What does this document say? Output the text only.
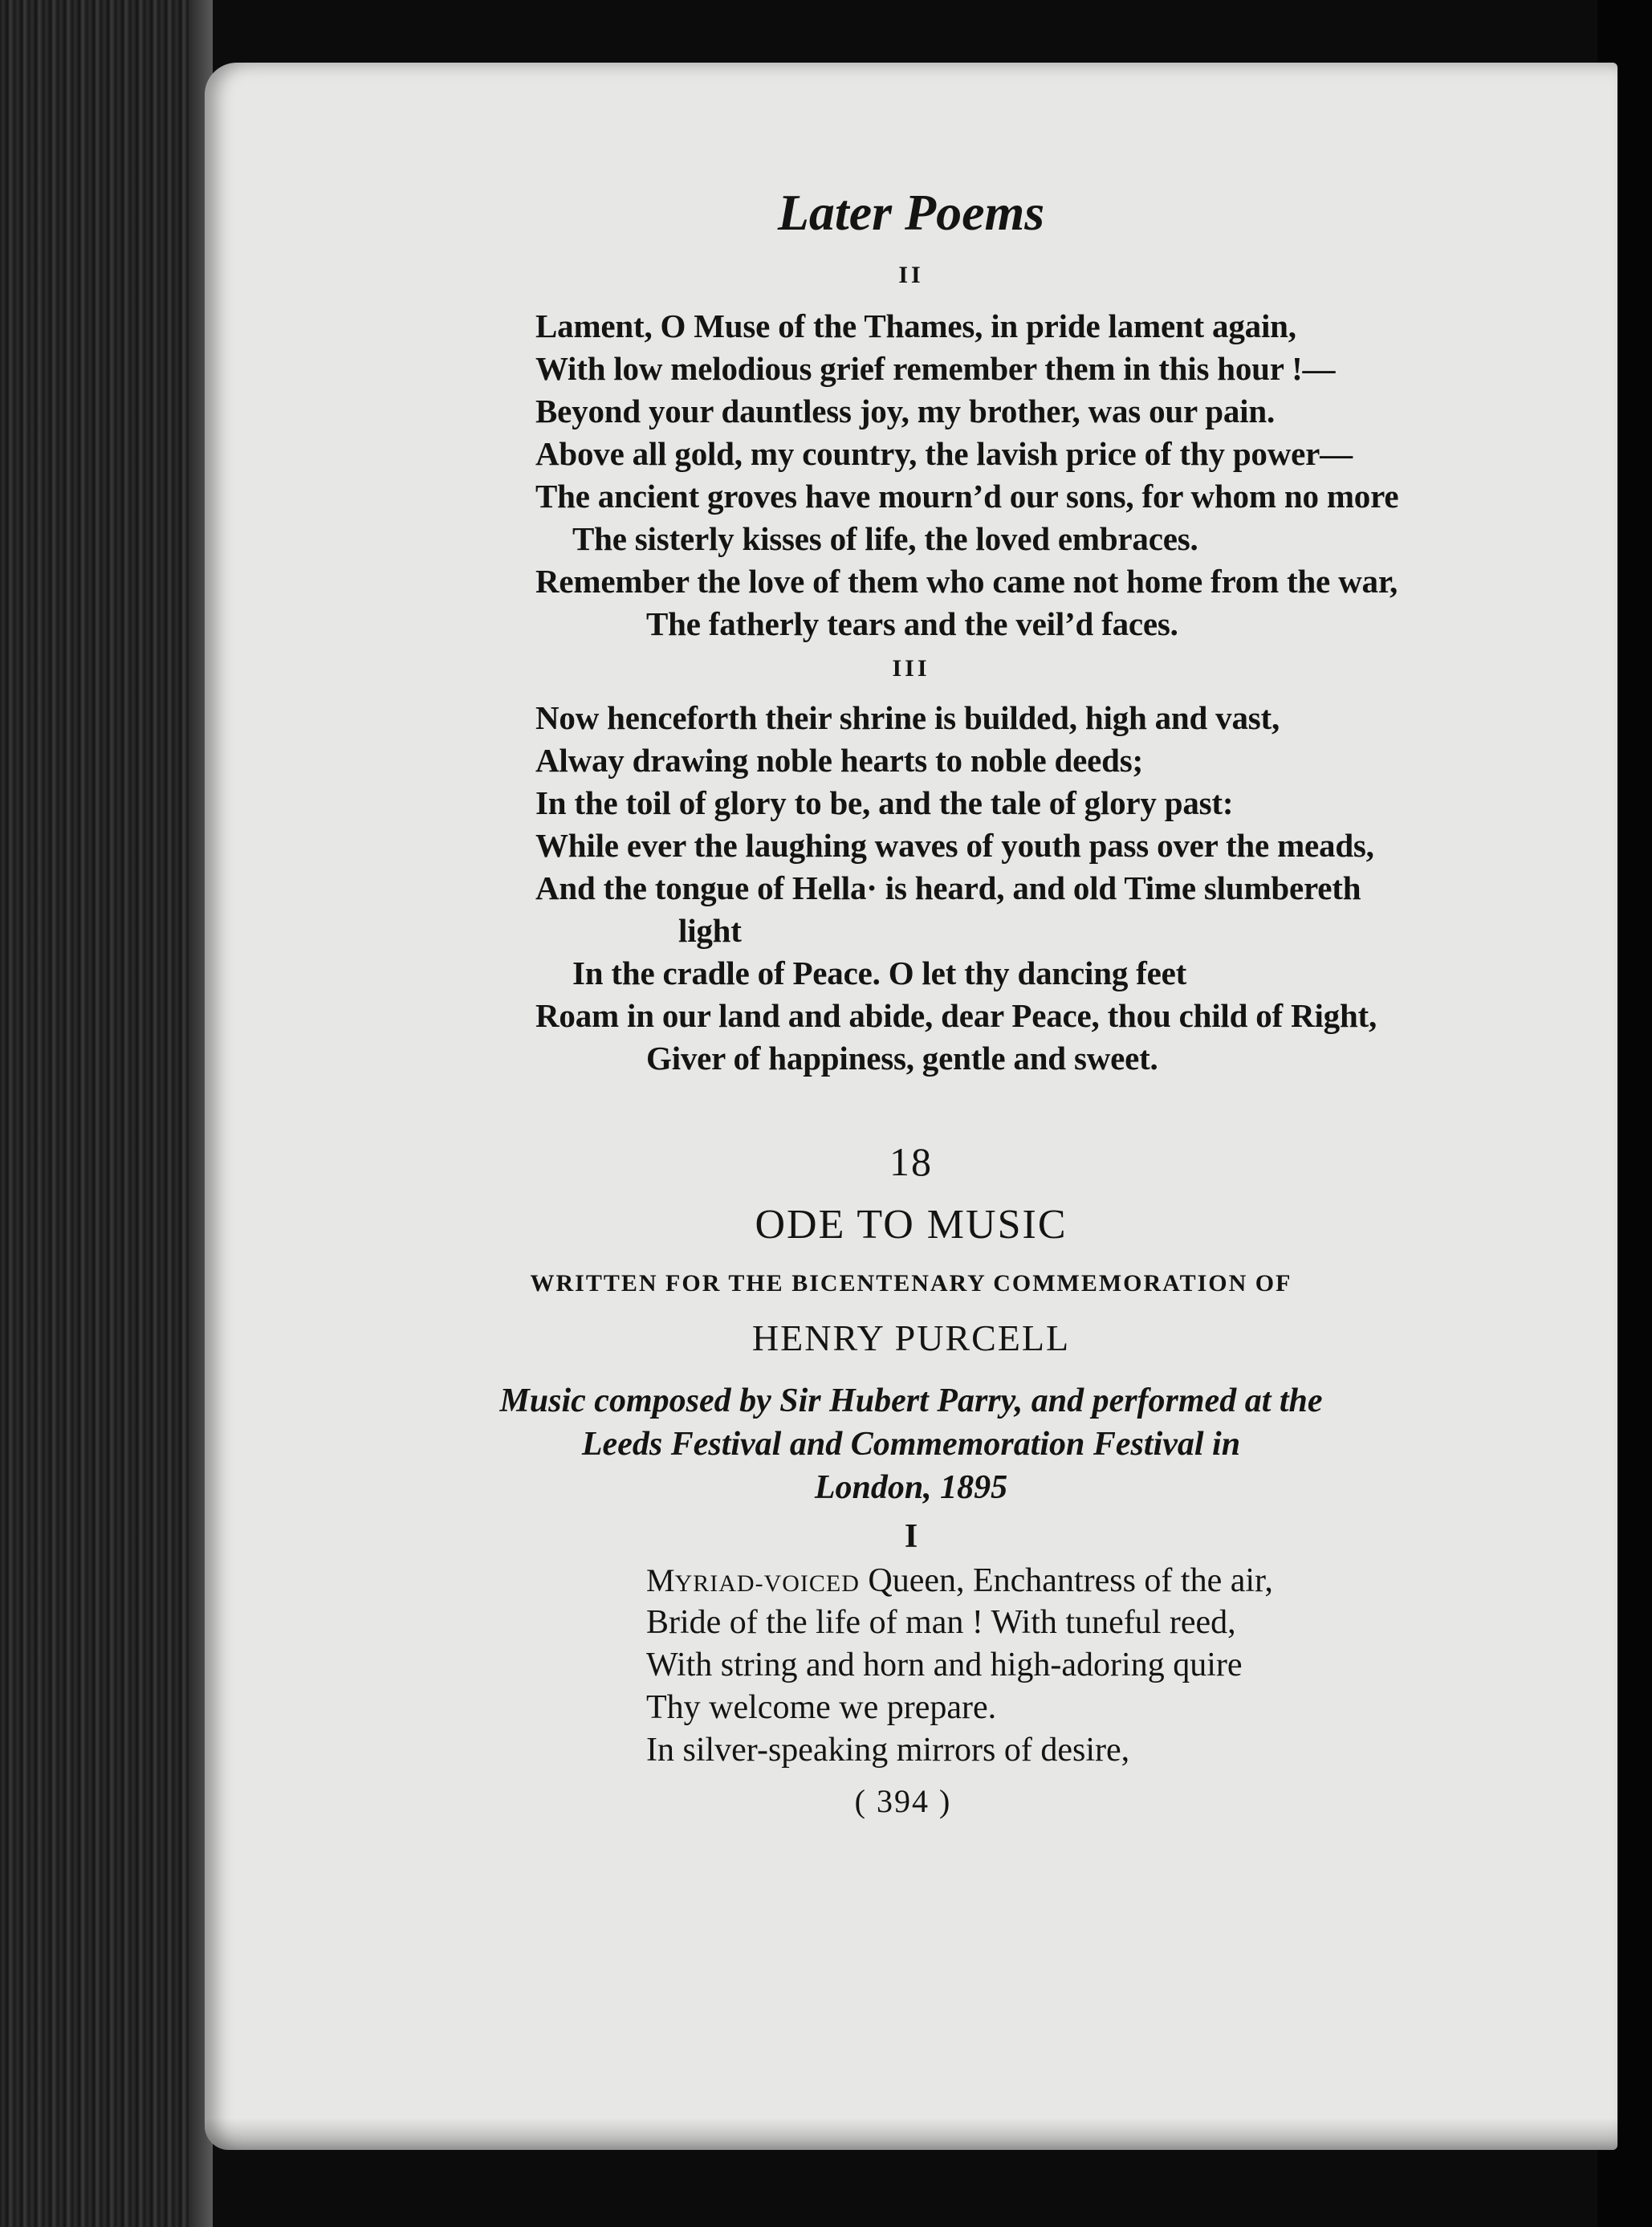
Later Poems

II

Lament, O Muse of the Thames, in pride lament again,

With low melodious grief remember them in this hour !—

Beyond your dauntless joy, my brother, was our pain.

Above all gold, my country, the lavish price of thy power—

The ancient groves have mourn’d our sons, for whom no more

The sisterly kisses of life, the loved embraces.

Remember the love of them who came not home from the war,

The fatherly tears and the veil’d faces.

III

Now henceforth their shrine is builded, high and vast,

Alway drawing noble hearts to noble deeds;

In the toil of glory to be, and the tale of glory past:

While ever the laughing waves of youth pass over the meads,

And the tongue of Hella· is heard, and old Time slumbereth

light

In the cradle of Peace. O let thy dancing feet

Roam in our land and abide, dear Peace, thou child of Right,

Giver of happiness, gentle and sweet.

18

ODE TO MUSIC

WRITTEN FOR THE BICENTENARY COMMEMORATION OF

HENRY PURCELL

Music composed by Sir Hubert Parry, and performed at the

Leeds Festival and Commemoration Festival in

London, 1895

I

MYRIAD-VOICED Queen, Enchantress of the air,

Bride of the life of man ! With tuneful reed,

With string and horn and high-adoring quire

Thy welcome we prepare.

In silver-speaking mirrors of desire,

( 394 )
